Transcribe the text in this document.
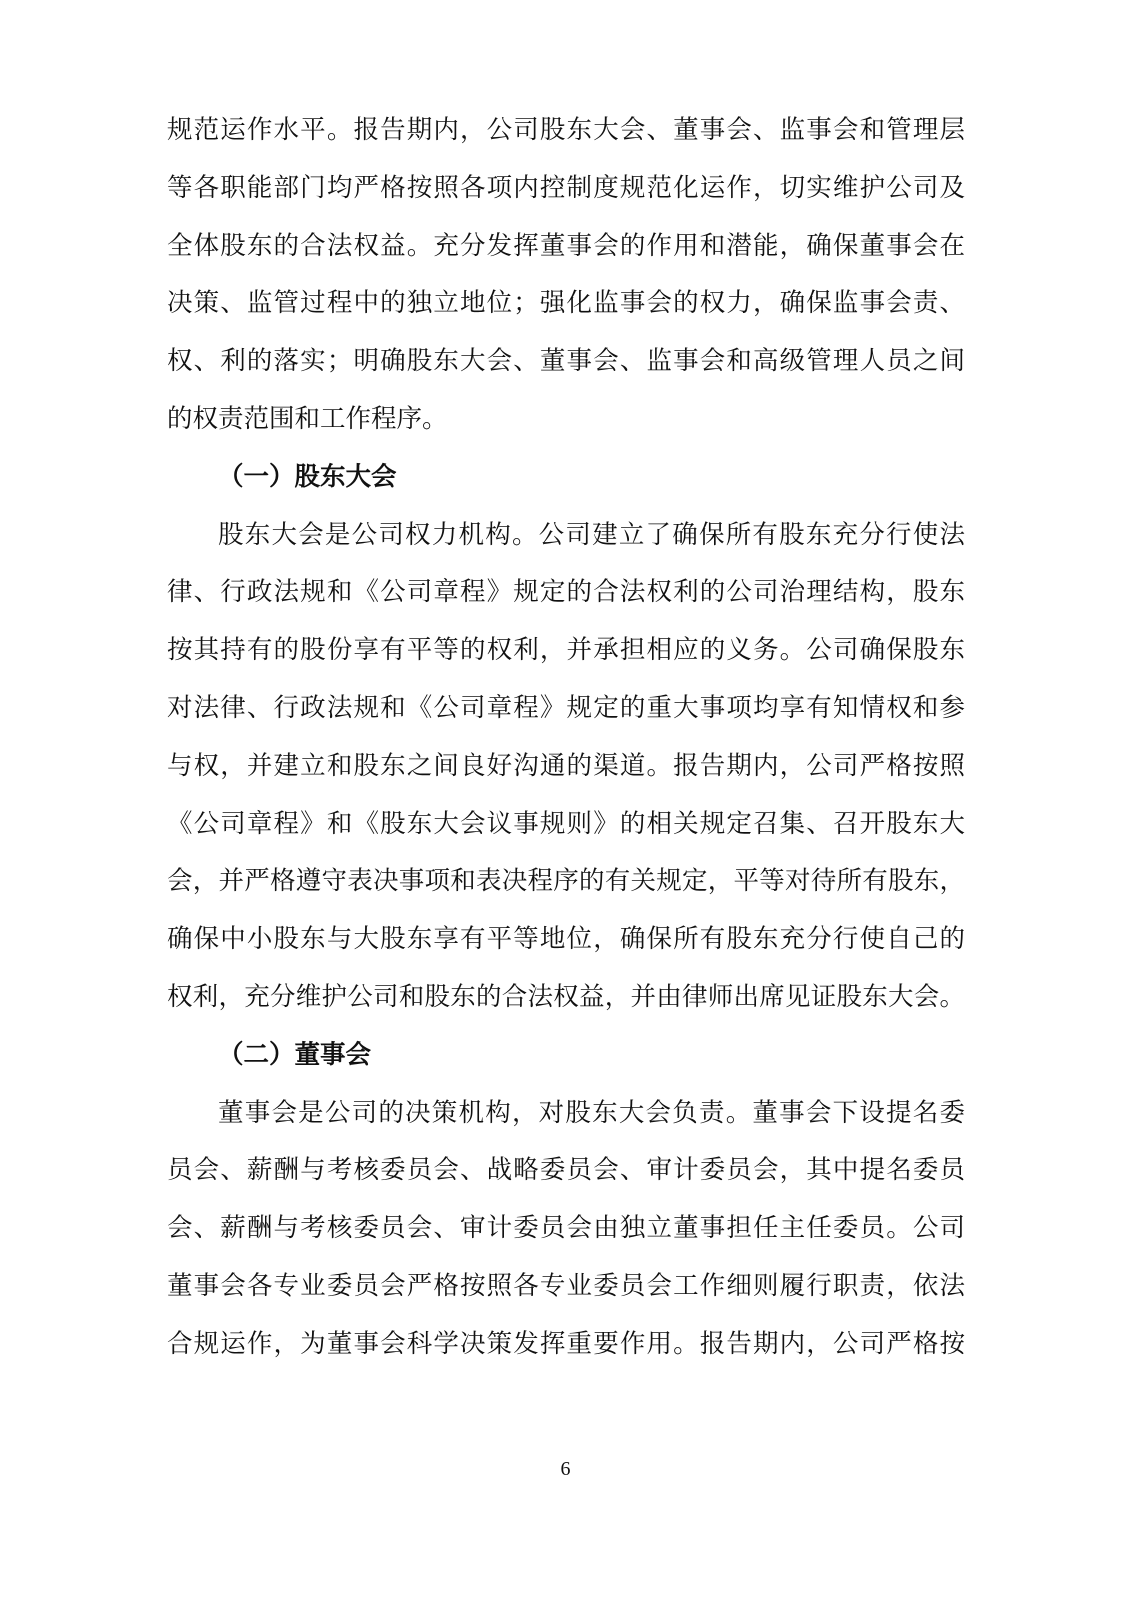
规范运作水平。报告期内，公司股东大会、董事会、监事会和管理层
等各职能部门均严格按照各项内控制度规范化运作，切实维护公司及
全体股东的合法权益。充分发挥董事会的作用和潜能，确保董事会在
决策、监管过程中的独立地位；强化监事会的权力，确保监事会责、
权、利的落实；明确股东大会、董事会、监事会和高级管理人员之间
的权责范围和工作程序。
（一）股东大会
股东大会是公司权力机构。公司建立了确保所有股东充分行使法
律、行政法规和《公司章程》规定的合法权利的公司治理结构，股东
按其持有的股份享有平等的权利，并承担相应的义务。公司确保股东
对法律、行政法规和《公司章程》规定的重大事项均享有知情权和参
与权，并建立和股东之间良好沟通的渠道。报告期内，公司严格按照
《公司章程》和《股东大会议事规则》的相关规定召集、召开股东大
会，并严格遵守表决事项和表决程序的有关规定，平等对待所有股东，
确保中小股东与大股东享有平等地位，确保所有股东充分行使自己的
权利，充分维护公司和股东的合法权益，并由律师出席见证股东大会。
（二）董事会
董事会是公司的决策机构，对股东大会负责。董事会下设提名委
员会、薪酬与考核委员会、战略委员会、审计委员会，其中提名委员
会、薪酬与考核委员会、审计委员会由独立董事担任主任委员。公司
董事会各专业委员会严格按照各专业委员会工作细则履行职责，依法
合规运作，为董事会科学决策发挥重要作用。报告期内，公司严格按
6
